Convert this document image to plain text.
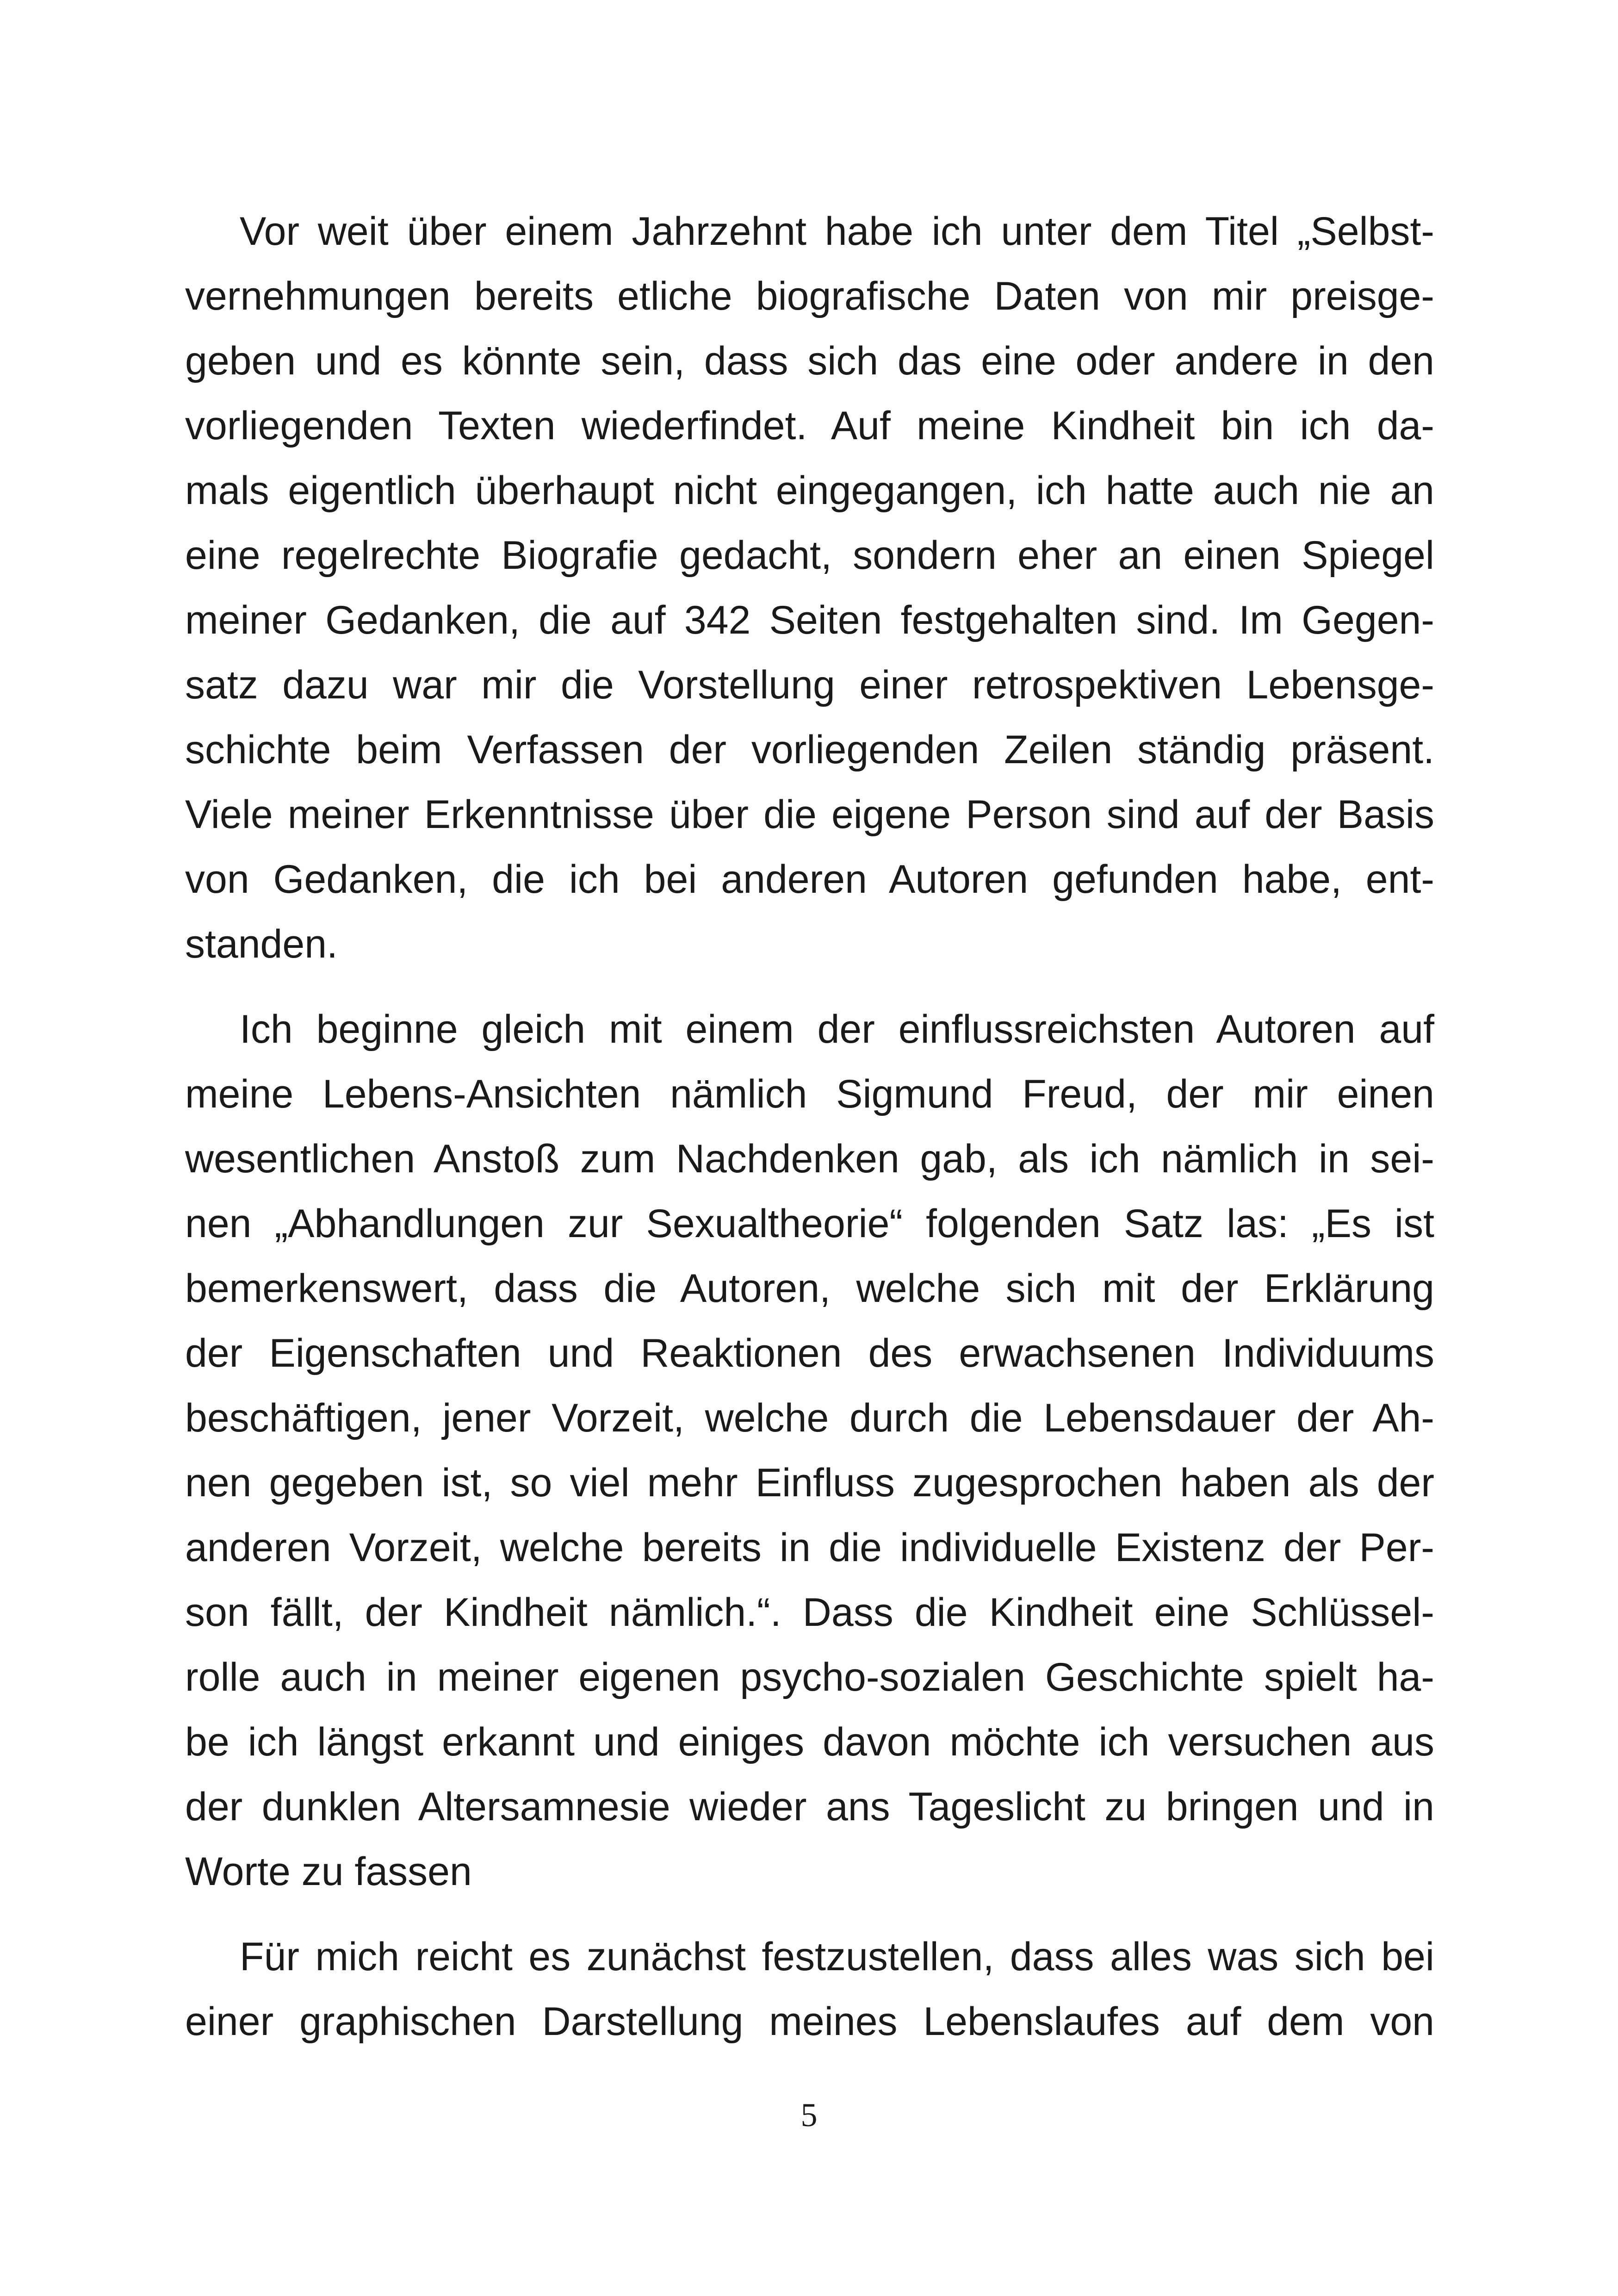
Vor weit über einem Jahrzehnt habe ich unter dem Titel „Selbst-
vernehmungen bereits etliche biografische Daten von mir preisge-
geben und es könnte sein, dass sich das eine oder andere in den
vorliegenden Texten wiederfindet. Auf meine Kindheit bin ich da-
mals eigentlich überhaupt nicht eingegangen, ich hatte auch nie an
eine regelrechte Biografie gedacht, sondern eher an einen Spiegel
meiner Gedanken, die auf 342 Seiten festgehalten sind. Im Gegen-
satz dazu war mir die Vorstellung einer retrospektiven Lebensge-
schichte beim Verfassen der vorliegenden Zeilen ständig präsent.
Viele meiner Erkenntnisse über die eigene Person sind auf der Basis
von Gedanken, die ich bei anderen Autoren gefunden habe, ent-
standen.
Ich beginne gleich mit einem der einflussreichsten Autoren auf
meine Lebens-Ansichten nämlich Sigmund Freud, der mir einen
wesentlichen Anstoß zum Nachdenken gab, als ich nämlich in sei-
nen „Abhandlungen zur Sexualtheorie“ folgenden Satz las: „Es ist
bemerkenswert, dass die Autoren, welche sich mit der Erklärung
der Eigenschaften und Reaktionen des erwachsenen Individuums
beschäftigen, jener Vorzeit, welche durch die Lebensdauer der Ah-
nen gegeben ist, so viel mehr Einfluss zugesprochen haben als der
anderen Vorzeit, welche bereits in die individuelle Existenz der Per-
son fällt, der Kindheit nämlich.“. Dass die Kindheit eine Schlüssel-
rolle auch in meiner eigenen psycho-sozialen Geschichte spielt ha-
be ich längst erkannt und einiges davon möchte ich versuchen aus
der dunklen Altersamnesie wieder ans Tageslicht zu bringen und in
Worte zu fassen
Für mich reicht es zunächst festzustellen, dass alles was sich bei
einer graphischen Darstellung meines Lebenslaufes auf dem von
5
